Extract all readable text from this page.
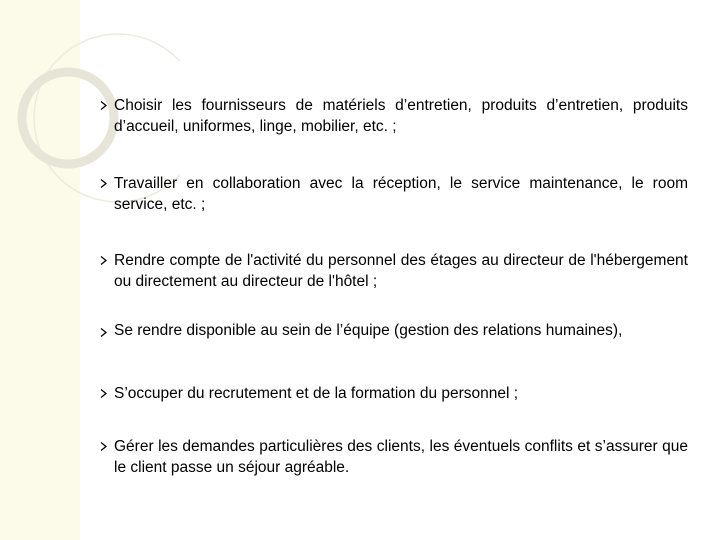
Choisir les fournisseurs de matériels d’entretien, produits d’entretien, produits d’accueil, uniformes, linge, mobilier, etc. ;
Travailler en collaboration avec la réception, le service maintenance, le room service, etc. ;
Rendre compte de l'activité du personnel des étages au directeur de l'hébergement ou directement au directeur de l'hôtel ;
Se rendre disponible au sein de l’équipe (gestion des relations humaines),
S’occuper du recrutement et de la formation du personnel ;
Gérer les demandes particulières des clients, les éventuels conflits et s’assurer que le client passe un séjour agréable.
